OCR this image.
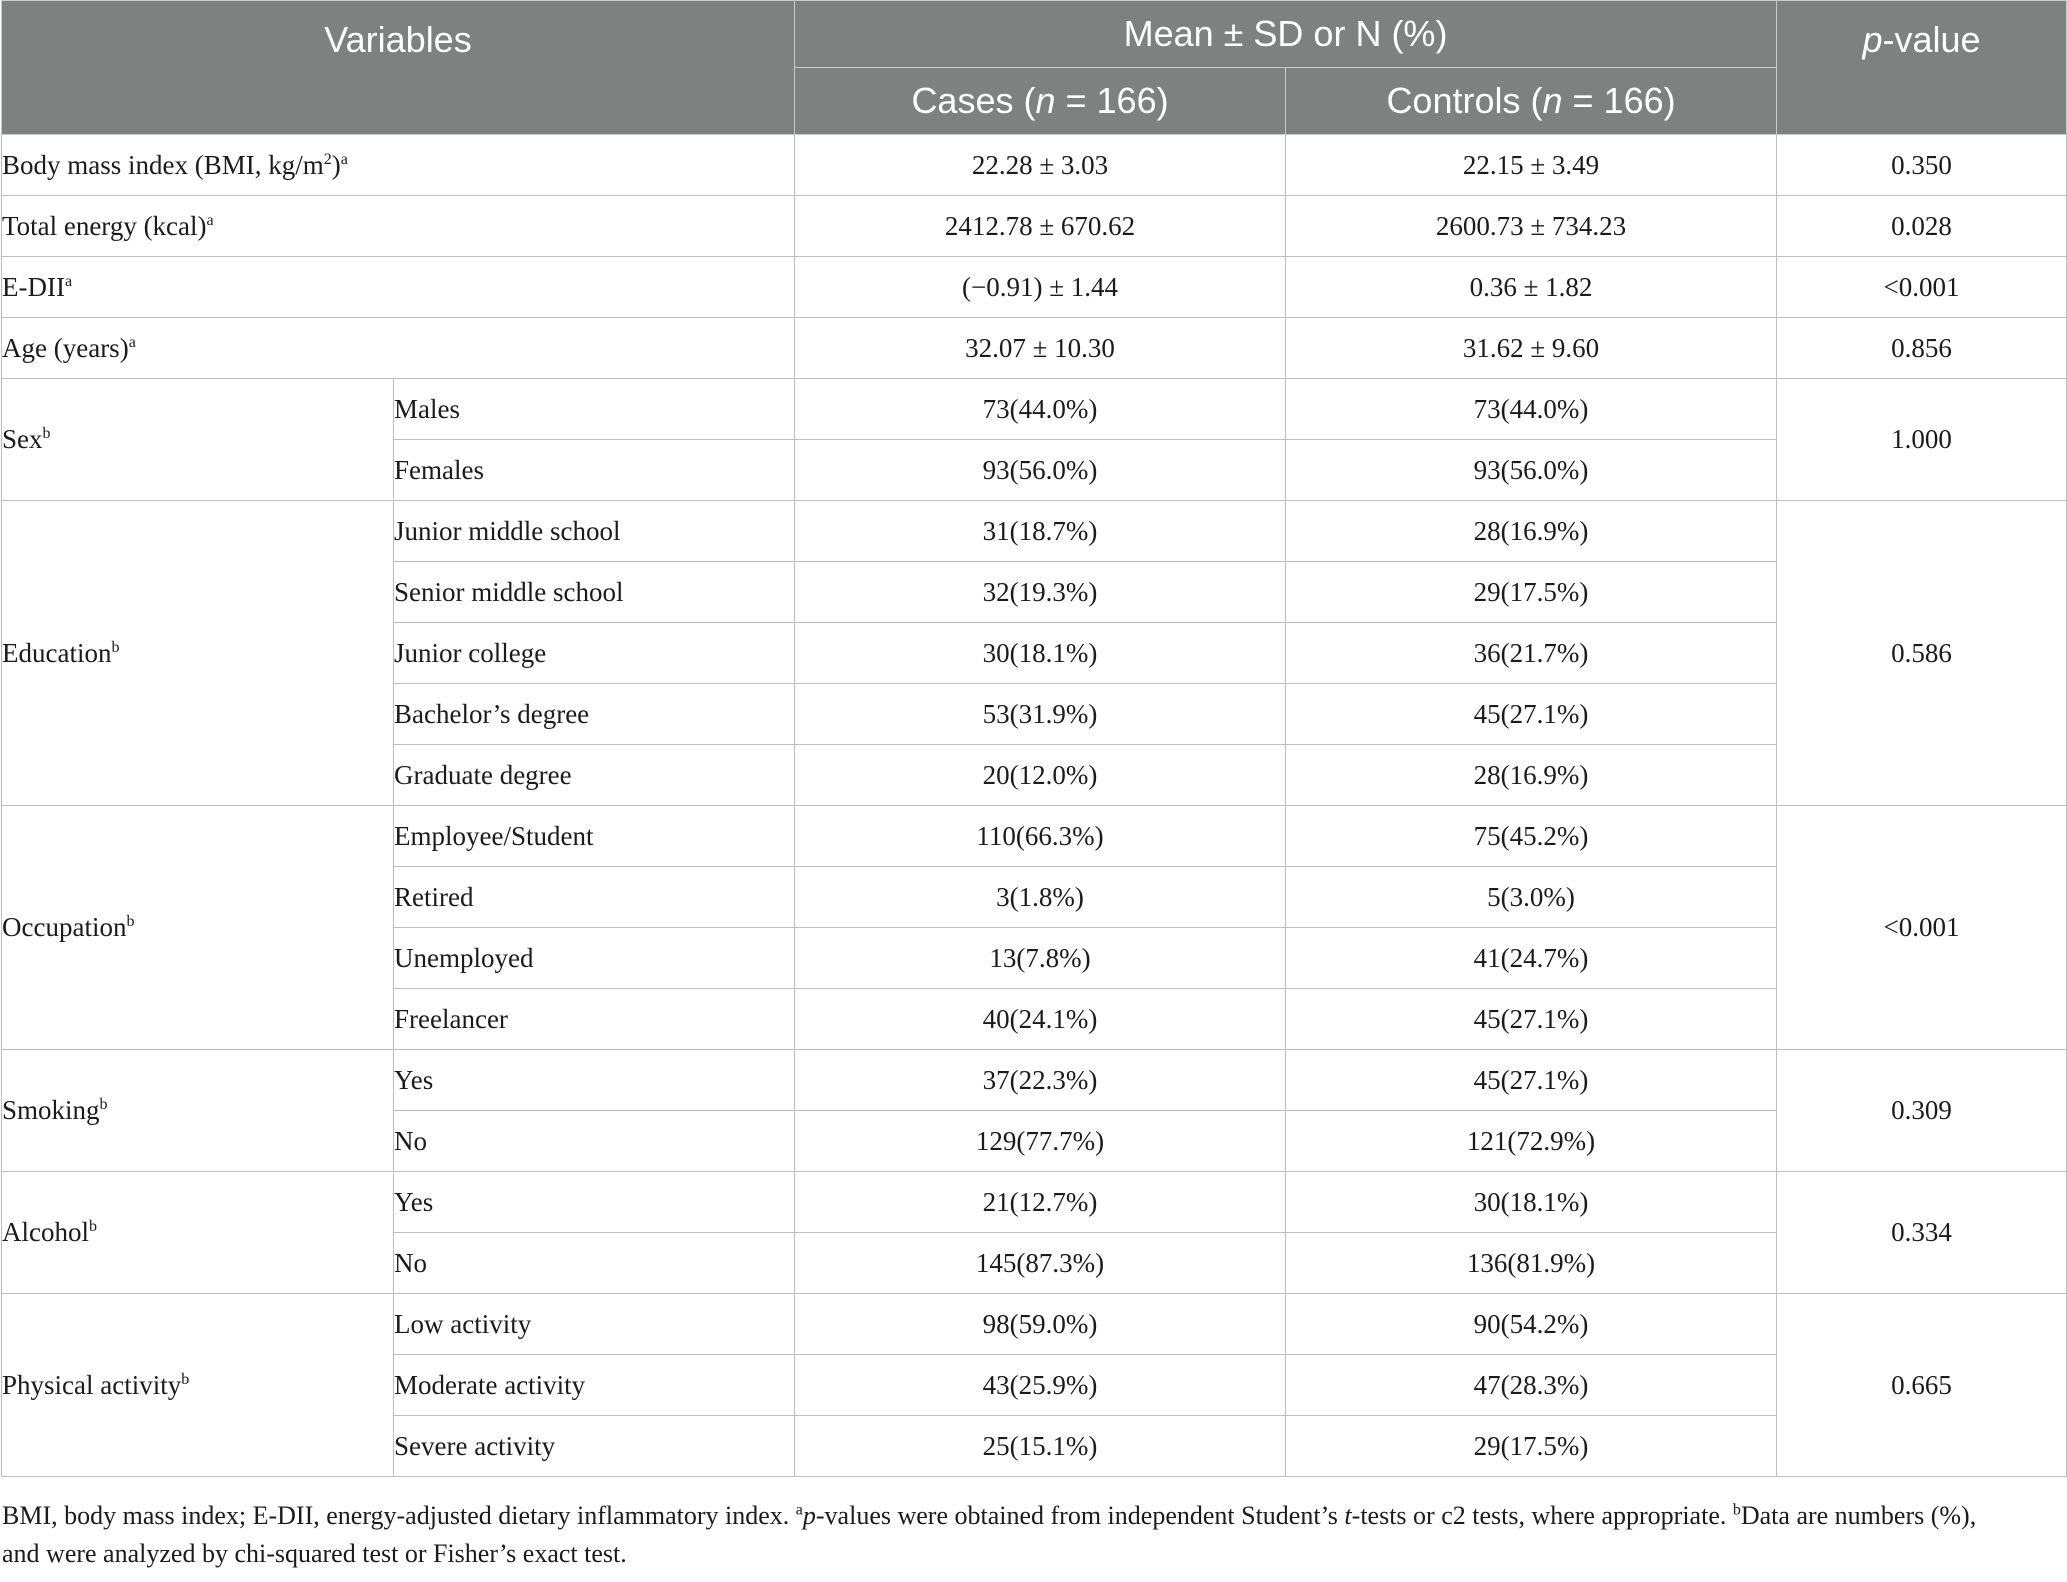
Variables		Mean ± SD or N (%)		p-value
		Cases (n = 166)	Controls (n = 166)	
Body mass index (BMI, $kg/m^2)^a$		22.28 ± 3.03	22.15 ± 3.49	0.350
Total energy (kcal)$^a$		2412.78 ± 670.62	2600.73 ± 734.23	0.028
E-DII$^a$		(−0.91) ± 1.44	0.36 ± 1.82	<0.001
Age (years)$^a$		32.07 ± 10.30	31.62 ± 9.60	0.856
Sex$^b$	Males	73(44.0%)	73(44.0%)	1.000
	Females	93(56.0%)	93(56.0%)	
Education$^b$	Junior middle school	31(18.7%)	28(16.9%)	0.586
	Senior middle school	32(19.3%)	29(17.5%)	
	Junior college	30(18.1%)	36(21.7%)	
	Bachelor’s degree	53(31.9%)	45(27.1%)	
	Graduate degree	20(12.0%)	28(16.9%)	
Occupation$^b$	Employee/Student	110(66.3%)	75(45.2%)	<0.001
	Retired	3(1.8%)	5(3.0%)	
	Unemployed	13(7.8%)	41(24.7%)	
	Freelancer	40(24.1%)	45(27.1%)	
Smoking$^b$	Yes	37(22.3%)	45(27.1%)	0.309
	No	129(77.7%)	121(72.9%)	
Alcohol$^b$	Yes	21(12.7%)	30(18.1%)	0.334
	No	145(87.3%)	136(81.9%)	
Physical activity$^b$	Low activity	98(59.0%)	90(54.2%)	0.665
	Moderate activity	43(25.9%)	47(28.3%)	
	Severe activity	25(15.1%)	29(17.5%)	

BMI, body mass index; E-DII, energy-adjusted dietary inflammatory index. $^a$p-values were obtained from independent Student’s t-tests or c2 tests, where appropriate. $^b$Data are numbers (%),

and were analyzed by chi-squared test or Fisher’s exact test.
